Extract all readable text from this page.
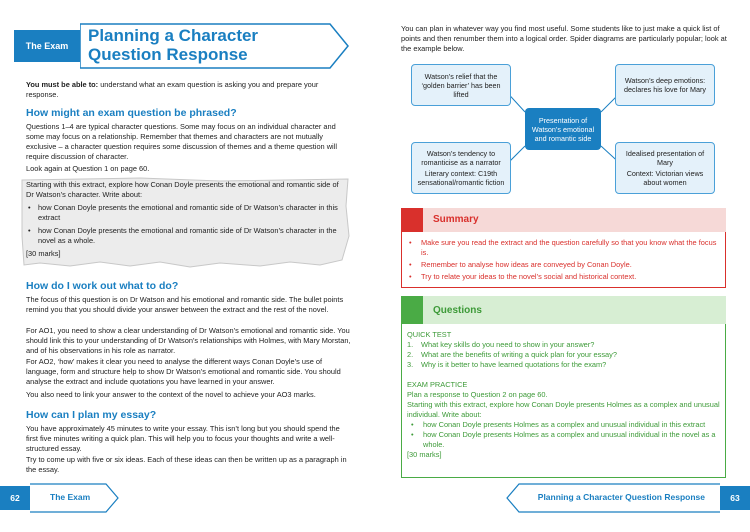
The Exam
Planning a Character
Question Response
You must be able to: understand what an exam question is asking you and prepare your response.
How might an exam question be phrased?
Questions 1–4 are typical character questions. Some may focus on an individual character and some may focus on a relationship. Remember that themes and characters are not mutually exclusive – a character question requires some discussion of themes and a theme question will require discussion of character.
Look again at Question 1 on page 60.
Starting with this extract, explore how Conan Doyle presents the emotional and romantic side of Dr Watson’s character. Write about:
• how Conan Doyle presents the emotional and romantic side of Dr Watson’s character in this extract
• how Conan Doyle presents the emotional and romantic side of Dr Watson’s character in the novel as a whole.
[30 marks]
How do I work out what to do?
The focus of this question is on Dr Watson and his emotional and romantic side. The bullet points remind you that you should divide your answer between the extract and the rest of the novel.
For AO1, you need to show a clear understanding of Dr Watson’s emotional and romantic side. You should link this to your understanding of Dr Watson’s relationships with Holmes, with Mary Morstan, and of his observations in his role as narrator.
For AO2, ‘how’ makes it clear you need to analyse the different ways Conan Doyle’s use of language, form and structure help to show Dr Watson’s emotional and romantic side. You should analyse the extract and include quotations you have learned in your answer.
You also need to link your answer to the context of the novel to achieve your AO3 marks.
How can I plan my essay?
You have approximately 45 minutes to write your essay. This isn’t long but you should spend the first five minutes writing a quick plan. This will help you to focus your thoughts and write a well-structured essay.
Try to come up with five or six ideas. Each of these ideas can then be written up as a paragraph in the essay.
62	The Exam
You can plan in whatever way you find most useful. Some students like to just make a quick list of points and then renumber them into a logical order. Spider diagrams are particularly popular; look at the example below.

Watson’s relief that the ‘golden barrier’ has been lifted

Watson’s deep emotions: declares his love for Mary

Presentation of Watson’s emotional and romantic side

Watson’s tendency to romanticise as a narrator

Literary context: C19th sensational/romantic fiction

Idealised presentation of Mary

Context: Victorian views about women

Summary
• Make sure you read the extract and the question carefully so that you know what the focus is.
• Remember to analyse how ideas are conveyed by Conan Doyle.
• Try to relate your ideas to the novel’s social and historical context.
Questions
QUICK TEST
1. What key skills do you need to show in your answer?
2. What are the benefits of writing a quick plan for your essay?
3. Why is it better to have learned quotations for the exam?
EXAM PRACTICE
Plan a response to Question 2 on page 60.
Starting with this extract, explore how Conan Doyle presents Holmes as a complex and unusual individual. Write about:
• how Conan Doyle presents Holmes as a complex and unusual individual in this extract
• how Conan Doyle presents Holmes as a complex and unusual individual in the novel as a whole.
[30 marks]
Planning a Character Question Response	63
